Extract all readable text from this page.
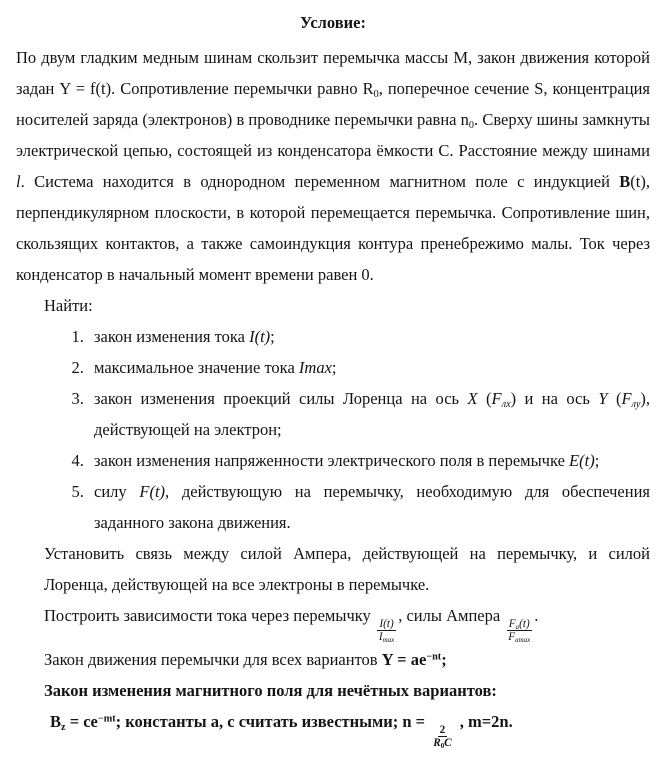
Условие:

По двум гладким медным шинам скользит перемычка массы М, закон движения которой задан Y = f(t). Сопротивление перемычки равно $R_0$, поперечное сечение S, концентрация носителей заряда (электронов) в проводнике перемычки равна $n_0$. Сверху шины замкнуты электрической цепью, состоящей из конденсатора ёмкости С. Расстояние между шинами l. Система находится в однородном переменном магнитном поле с индукцией B(t), перпендикулярном плоскости, в которой перемещается перемычка. Сопротивление шин, скользящих контактов, а также самоиндукция контура пренебрежимо малы. Ток через конденсатор в начальный момент времени равен 0.

Найти:

1. закон изменения тока I(t);
2. максимальное значение тока Imax;
3. закон изменения проекций силы Лоренца на ось X $(F_{лх})$ и на ось Y $(F_{лу})$, действующей на электрон;
4. закон изменения напряженности электрического поля в перемычке E(t);
5. силу F(t), действующую на перемычку, необходимую для обеспечения заданного закона движения.

Установить связь между силой Ампера, действующей на перемычку, и силой Лоренца, действующей на все электроны в перемычке.

Построить зависимости тока через перемычку
$\frac{I(t)}{I_{max}}$
, силы Ампера
$\frac{F_a(t)}{F_{amax}}$
.

Закон движения перемычки для всех вариантов $Y = ae^{-nt}$;

Закон изменения магнитного поля для нечётных вариантов:

$B_z = ce^{-mt}$; константы a, c считать известными; n =
$\frac{2}{R_0C}$
, m=2n.
